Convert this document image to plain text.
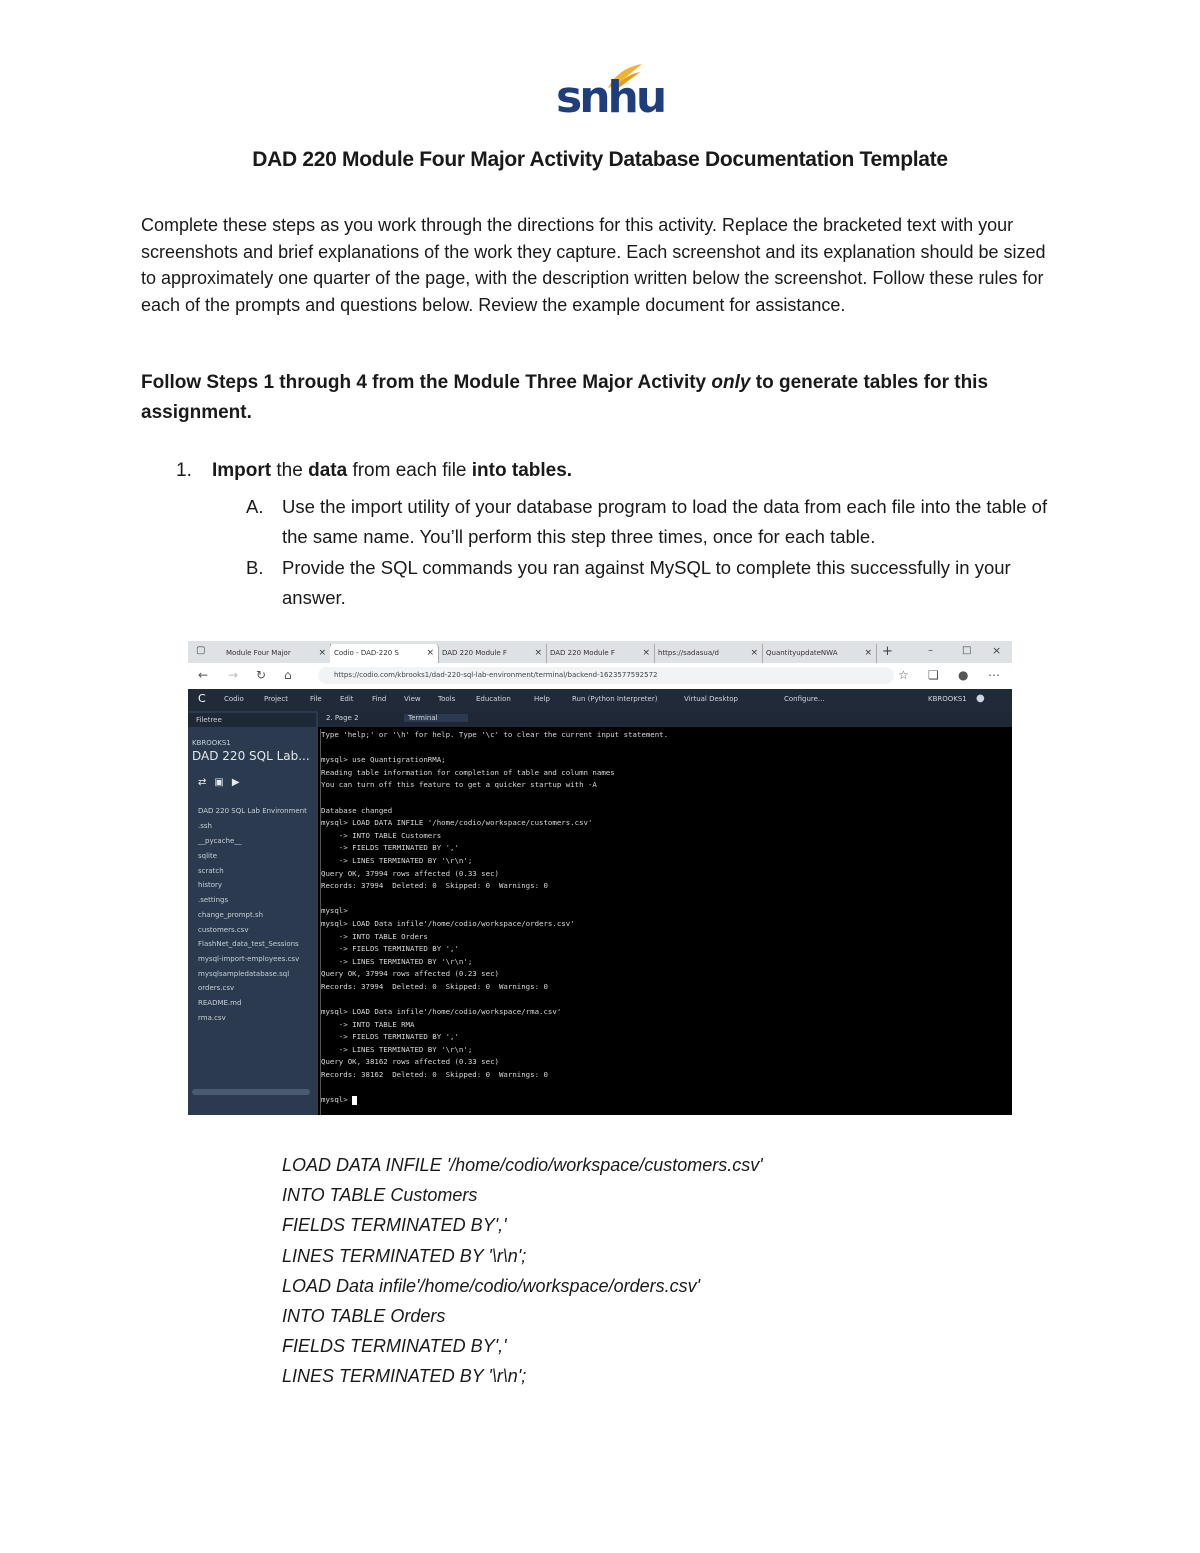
snhu
DAD 220 Module Four Major Activity Database Documentation Template

Complete these steps as you work through the directions for this activity. Replace the bracketed text with your screenshots and brief explanations of the work they capture. Each screenshot and its explanation should be sized to approximately one quarter of the page, with the description written below the screenshot. Follow these rules for each of the prompts and questions below. Review the example document for assistance.

Follow Steps 1 through 4 from the Module Three Major Activity only to generate tables for this assignment.

1. Import the data from each file into tables.
A. Use the import utility of your database program to load the data from each file into the table of the same name. You’ll perform this step three times, once for each table.
B. Provide the SQL commands you ran against MySQL to complete this successfully in your answer.
▢	Module Four Major	×	Codio - DAD-220 S	×	DAD 220 Module F	×	DAD 220 Module F	×	https://sadasua/d	×	QuantityupdateNWA	× +	–	□ ×
← → ↻ ⌂	https://codio.com/kbrooks1/dad-220-sql-lab-environment/terminal/backend-1623577592572	☆ ❏ ● ⋯
C	Codio	Project	File	Edit	Find	View Tools	Education	Help	Run (Python Interpreter)	Virtual Desktop	Configure...	KBROOKS1 ●
Filetree
KBROOKS1
DAD 220 SQL Lab...
⇄▣▶
DAD 220 SQL Lab Environment
.ssh
__pycache__
sqlite
scratch
history
.settings
change_prompt.sh
customers.csv
FlashNet_data_test_Sessions
mysql-import-employees.csv
mysqlsampledatabase.sql
orders.csv
README.md
rma.csv
2. Page 2	Terminal
Type 'help;' or '\h' for help. Type '\c' to clear the current input statement.
mysql> use QuantigrationRMA;
Reading table information for completion of table and column names
You can turn off this feature to get a quicker startup with -A
Database changed
mysql> LOAD DATA INFILE '/home/codio/workspace/customers.csv'
-> INTO TABLE Customers
-> FIELDS TERMINATED BY ','
-> LINES TERMINATED BY '\r\n';
Query OK, 37994 rows affected (0.33 sec)
Records: 37994  Deleted: 0  Skipped: 0  Warnings: 0
mysql>
mysql> LOAD Data infile'/home/codio/workspace/orders.csv'
-> INTO TABLE Orders
-> FIELDS TERMINATED BY ','
-> LINES TERMINATED BY '\r\n';
Query OK, 37994 rows affected (0.23 sec)
Records: 37994  Deleted: 0  Skipped: 0  Warnings: 0
mysql> LOAD Data infile'/home/codio/workspace/rma.csv'
-> INTO TABLE RMA
-> FIELDS TERMINATED BY ','
-> LINES TERMINATED BY '\r\n';
Query OK, 38162 rows affected (0.33 sec)
Records: 38162  Deleted: 0  Skipped: 0  Warnings: 0
mysql>
LOAD DATA INFILE '/home/codio/workspace/customers.csv'
INTO TABLE Customers
FIELDS TERMINATED BY','
LINES TERMINATED BY '\r\n';
LOAD Data infile'/home/codio/workspace/orders.csv'
INTO TABLE Orders
FIELDS TERMINATED BY','
LINES TERMINATED BY '\r\n';
